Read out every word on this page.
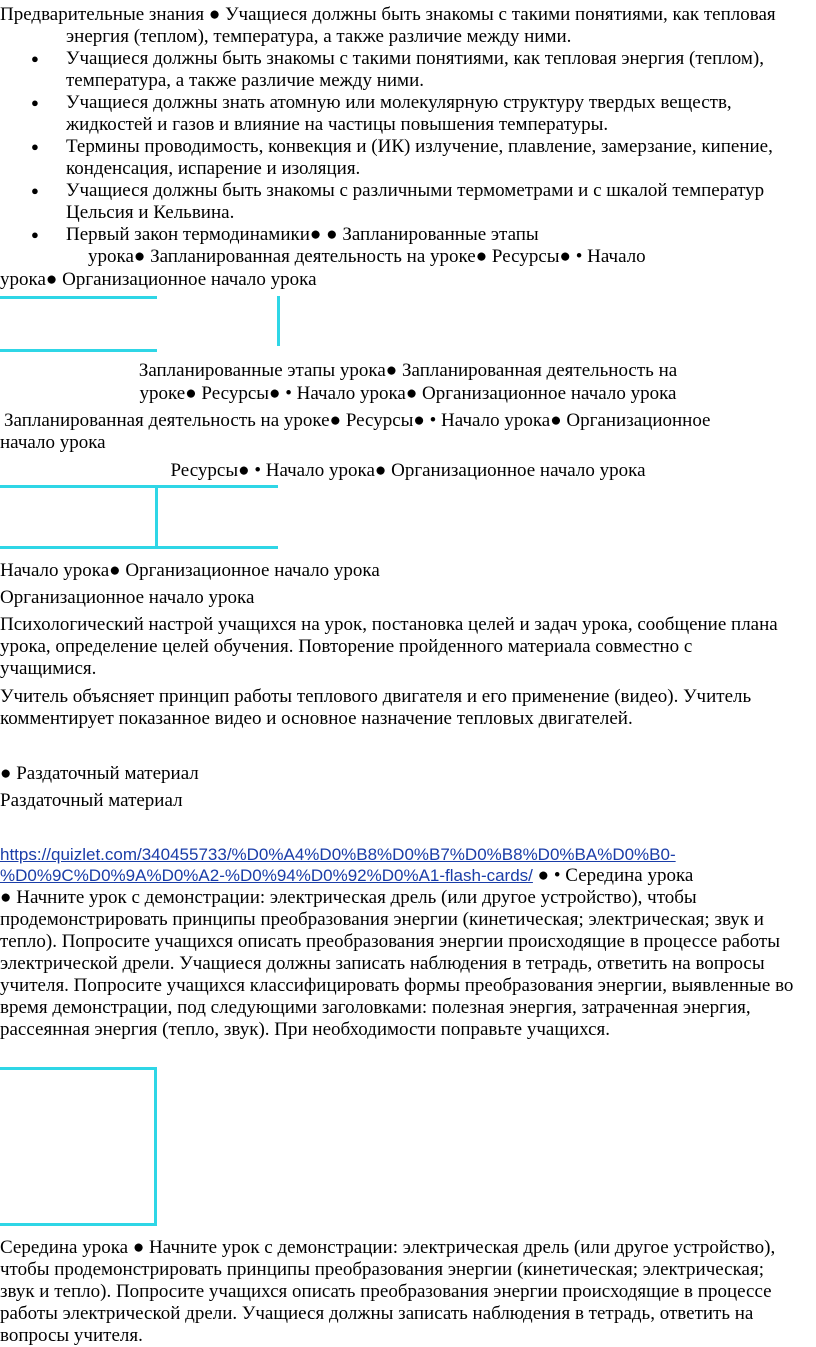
Предварительные знания ● Учащиеся должны быть знакомы с такими понятиями, как тепловая энергия (теплом), температура, а также различие между ними.

● Учащиеся должны быть знакомы с такими понятиями, как тепловая энергия (теплом), температура, а также различие между ними.
● Учащиеся должны знать атомную или молекулярную структуру твердых веществ, жидкостей и газов и влияние на частицы повышения температуры.
● Термины проводимость, конвекция и (ИК) излучение, плавление, замерзание, кипение, конденсация, испарение и изоляция.
● Учащиеся должны быть знакомы с различными термометрами и с шкалой температур Цельсия и Кельвина.
● Первый закон термодинамики● ● Запланированные этапы

урока● Запланированная деятельность на уроке● Ресурсы● • Начало

урока● Организационное начало урока

Запланированные этапы урока● Запланированная деятельность на

уроке● Ресурсы● • Начало урока● Организационное начало урока

Запланированная деятельность на уроке● Ресурсы● • Начало урока● Организационное

начало урока

Ресурсы● • Начало урока● Организационное начало урока

Начало урока● Организационное начало урока

Организационное начало урока

Психологический настрой учащихся на урок, постановка целей и задач урока, сообщение плана урока, определение целей обучения. Повторение пройденного материала совместно с учащимися.

Учитель объясняет принцип работы теплового двигателя и его применение (видео). Учитель комментирует показанное видео и основное назначение тепловых двигателей.

● Раздаточный материал

Раздаточный материал

https://quizlet.com/340455733/%D0%A4%D0%B8%D0%B7%D0%B8%D0%BA%D0%B0-
%D0%9C%D0%9A%D0%A2-%D0%94%D0%92%D0%A1-flash-cards/ ● • Середина урока

● Начните урок с демонстрации: электрическая дрель (или другое устройство), чтобы продемонстрировать принципы преобразования энергии (кинетическая; электрическая; звук и тепло). Попросите учащихся описать преобразования энергии происходящие в процессе работы электрической дрели. Учащиеся должны записать наблюдения в тетрадь, ответить на вопросы учителя. Попросите учащихся классифицировать формы преобразования энергии, выявленные во время демонстрации, под следующими заголовками: полезная энергия, затраченная энергия, рассеянная энергия (тепло, звук). При необходимости поправьте учащихся.

Середина урока ● Начните урок с демонстрации: электрическая дрель (или другое устройство), чтобы продемонстрировать принципы преобразования энергии (кинетическая; электрическая; звук и тепло). Попросите учащихся описать преобразования энергии происходящие в процессе работы электрической дрели. Учащиеся должны записать наблюдения в тетрадь, ответить на вопросы учителя.
